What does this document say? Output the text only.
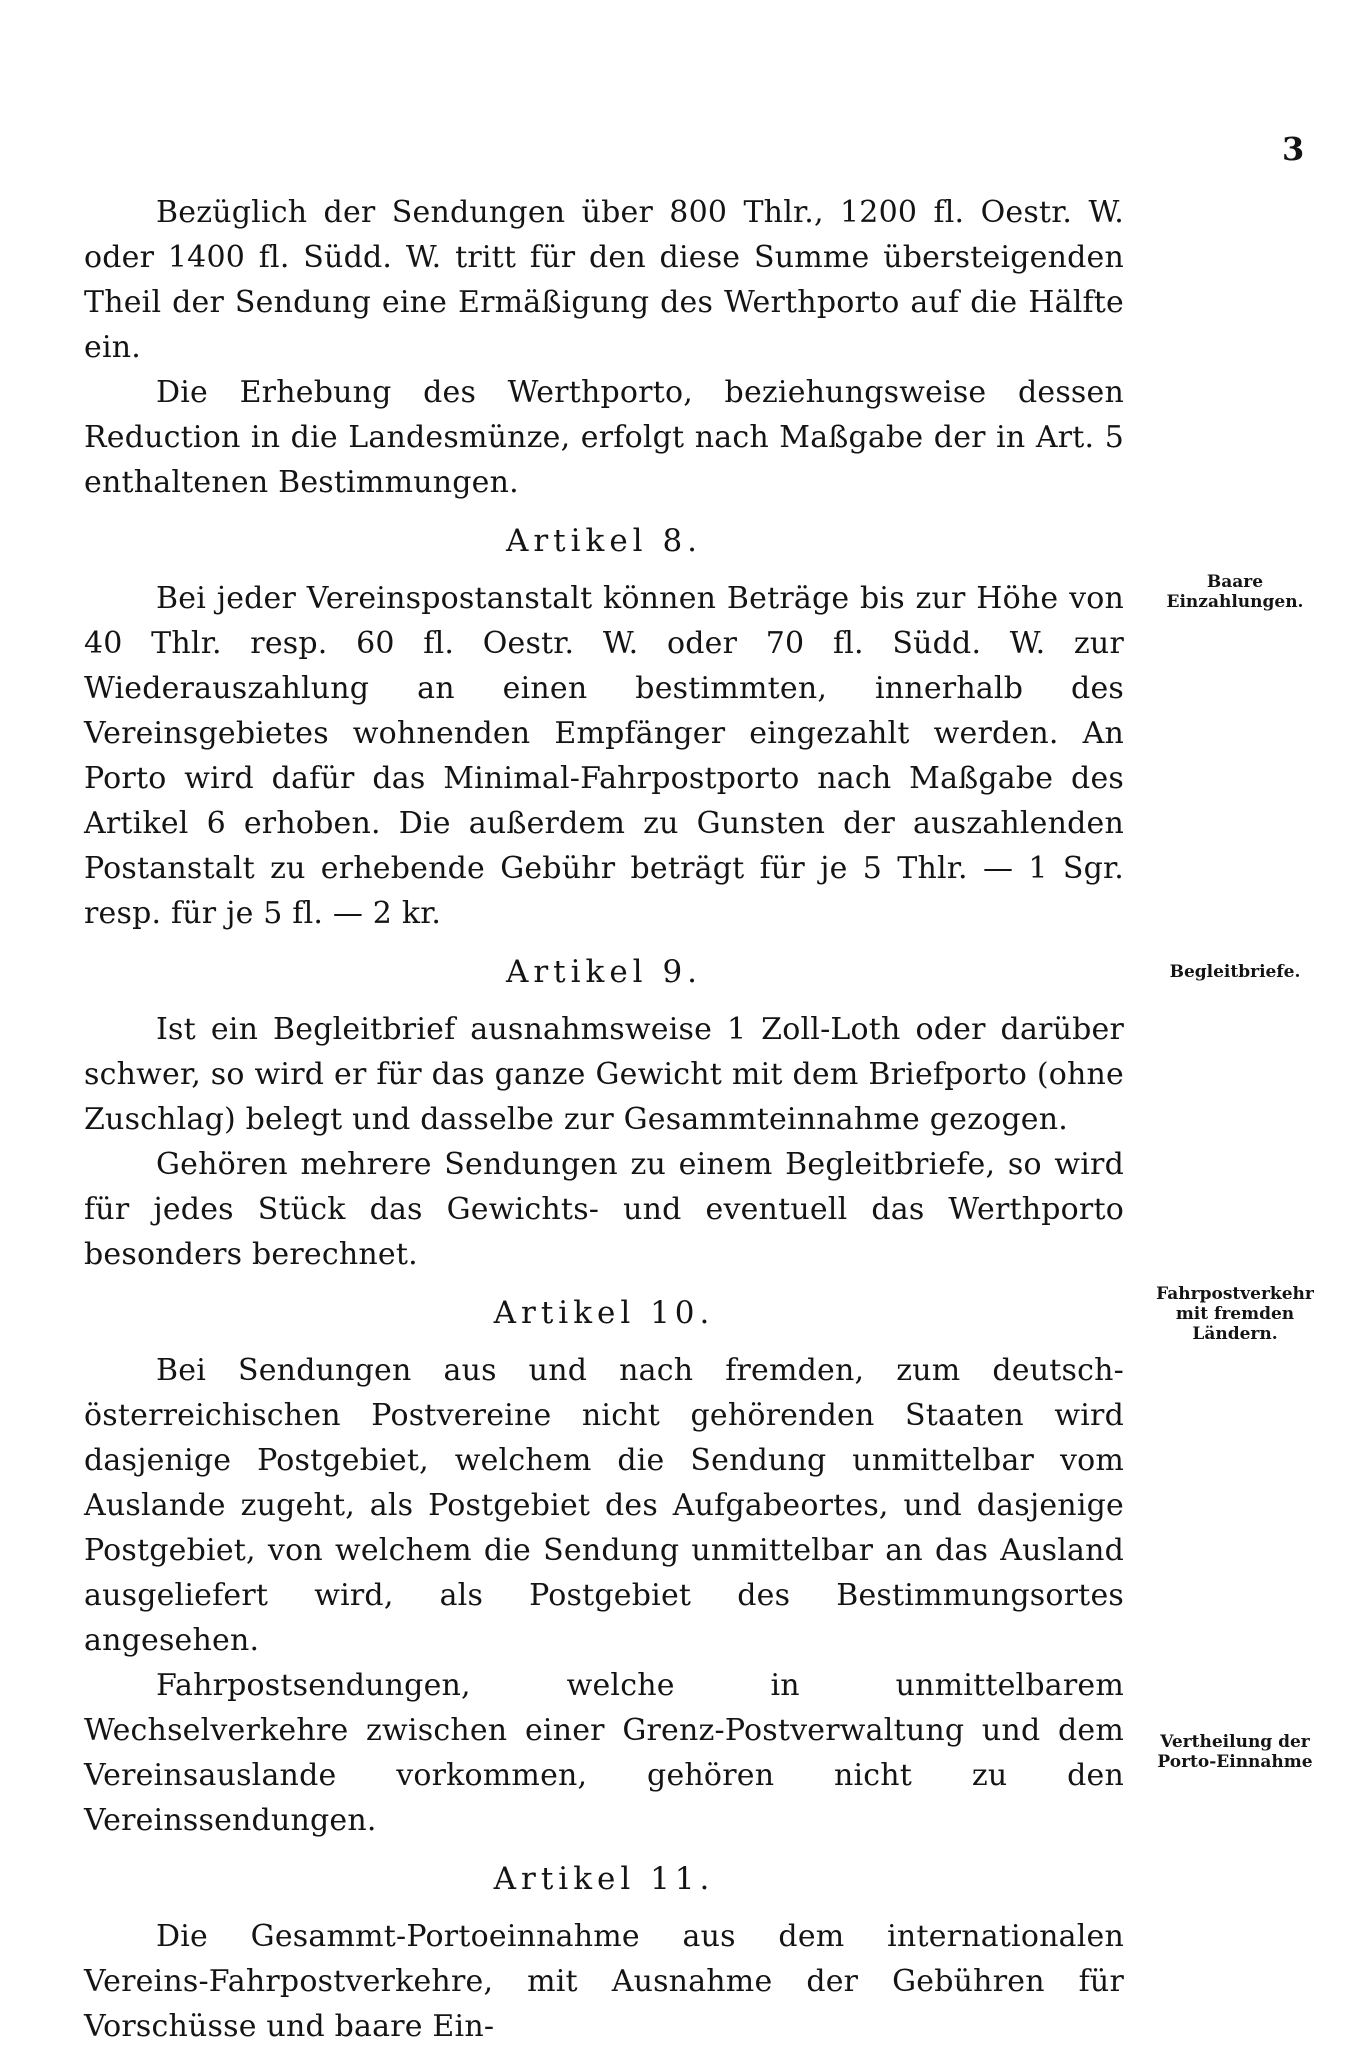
3

Bezüglich der Sendungen über 800 Thlr., 1200 fl. Oestr. W. oder 1400 fl. Südd. W. tritt für den diese Summe übersteigenden Theil der Sendung eine Ermäßigung des Werthporto auf die Hälfte ein.

Die Erhebung des Werthporto, beziehungsweise dessen Reduction in die Landesmünze, erfolgt nach Maßgabe der in Art. 5 enthaltenen Bestimmungen.

Artikel 8.

Bei jeder Vereinspostanstalt können Beträge bis zur Höhe von 40 Thlr. resp. 60 fl. Oestr. W. oder 70 fl. Südd. W. zur Wiederauszahlung an einen bestimmten, innerhalb des Vereinsgebietes wohnenden Empfänger eingezahlt werden. An Porto wird dafür das Minimal-Fahrpostporto nach Maßgabe des Artikel 6 erhoben. Die außerdem zu Gunsten der auszahlenden Postanstalt zu erhebende Gebühr beträgt für je 5 Thlr. — 1 Sgr. resp. für je 5 fl. — 2 kr.

Artikel 9.

Ist ein Begleitbrief ausnahmsweise 1 Zoll-Loth oder darüber schwer, so wird er für das ganze Gewicht mit dem Briefporto (ohne Zuschlag) belegt und dasselbe zur Gesammteinnahme gezogen.

Gehören mehrere Sendungen zu einem Begleitbriefe, so wird für jedes Stück das Gewichts- und eventuell das Werthporto besonders berechnet.

Artikel 10.

Bei Sendungen aus und nach fremden, zum deutsch-österreichischen Postvereine nicht gehörenden Staaten wird dasjenige Postgebiet, welchem die Sendung unmittelbar vom Auslande zugeht, als Postgebiet des Aufgabeortes, und dasjenige Postgebiet, von welchem die Sendung unmittelbar an das Ausland ausgeliefert wird, als Postgebiet des Bestimmungsortes angesehen.

Fahrpostsendungen, welche in unmittelbarem Wechselverkehre zwischen einer Grenz-Postverwaltung und dem Vereinsauslande vorkommen, gehören nicht zu den Vereinssendungen.

Artikel 11.

Die Gesammt-Portoeinnahme aus dem internationalen Vereins-Fahrpostverkehre, mit Ausnahme der Gebühren für Vorschüsse und baare Ein-

Baare Einzahlungen.
Begleitbriefe.
Fahrpostverkehr mit fremden Ländern.
Vertheilung der Porto-Einnahme
